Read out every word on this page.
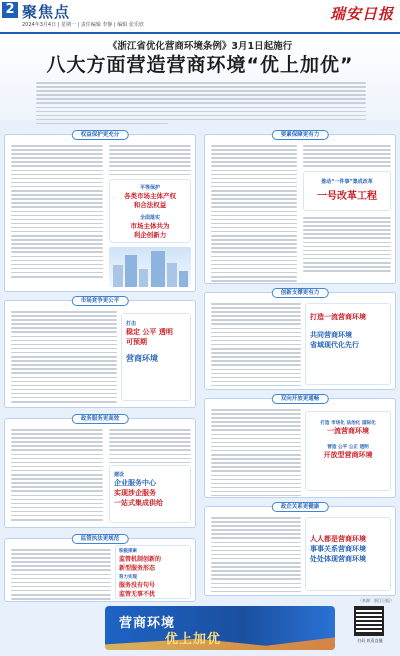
2 聚焦点
2024年3月4日 | 星期一 | 责任编辑 李静 | 编辑 张乐欣
瑞安日报
《浙江省优化营商环境条例》3月1日起施行
八大方面营造营商环境“优上加优”
权益保护更充分
平等保护
各类市场主体产权
和合法权益
全面落实
市场主体共为
利企创新力
市场竞争更公平
打击
稳定 公平 透明
可预期
营商环境
政务服务更高效
建设
企业服务中心
实现涉企服务
一站式集成供给
监管执法更规范
积极探索
监管机制创新的
新型服务形态
努力实现
服务没有句号
监管无事不扰
要素保障更有力
推动“一件事”集成改革
一号改革工程
创新支撑更有力
打造一流营商环境
共同营商环境
省域现代化先行
双向开放更通畅
打造 市场化 法治化 国际化
一流营商环境
营造 公平 公正 透明
开放型营商环境
政企关系更健康
人人都是营商环境
事事关系营商环境
处处体现营商环境
（来源：浙江日报）
营商环境
优上加优	扫码 收看直播
